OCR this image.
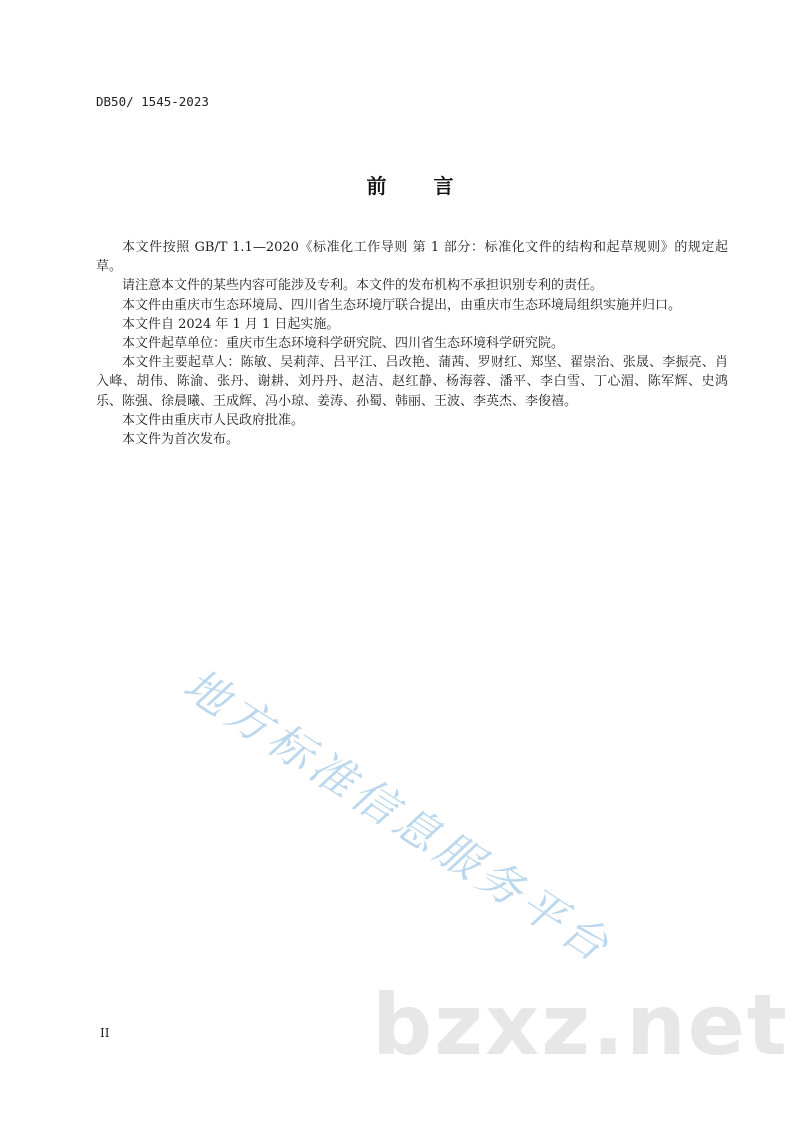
DB50/ 1545-2023
前 言

本文件按照 GB/T 1.1—2020《标准化工作导则 第 1 部分：标准化文件的结构和起草规则》的规定起草。

请注意本文件的某些内容可能涉及专利。本文件的发布机构不承担识别专利的责任。

本文件由重庆市生态环境局、四川省生态环境厅联合提出，由重庆市生态环境局组织实施并归口。

本文件自 2024 年 1 月 1 日起实施。

本文件起草单位：重庆市生态环境科学研究院、四川省生态环境科学研究院。

本文件主要起草人：陈敏、吴莉萍、吕平江、吕改艳、蒲茜、罗财红、郑坚、翟崇治、张晟、李振亮、肖入峰、胡伟、陈渝、张丹、谢耕、刘丹丹、赵洁、赵红静、杨海蓉、潘平、李白雪、丁心湄、陈军辉、史鸿乐、陈强、徐晨曦、王成辉、冯小琼、姜涛、孙蜀、韩丽、王波、李英杰、李俊禧。

本文件由重庆市人民政府批准。

本文件为首次发布。

地方标准信息服务平台
bzxz.net
II
